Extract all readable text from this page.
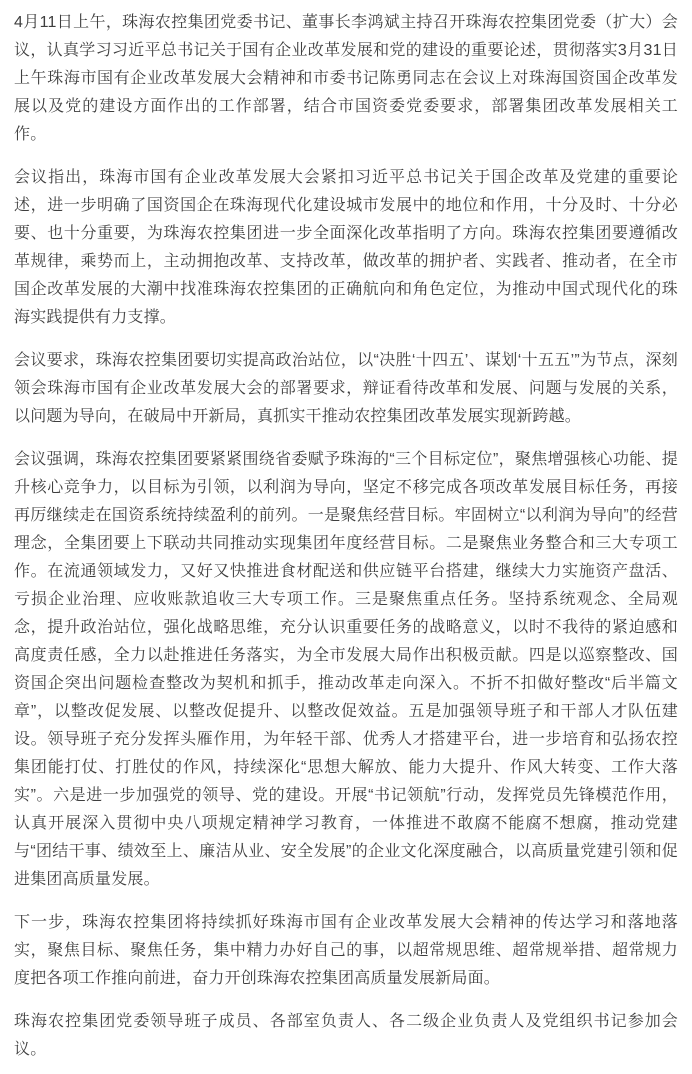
4月11日上午，珠海农控集团党委书记、董事长李鸿斌主持召开珠海农控集团党委（扩大）会议，认真学习习近平总书记关于国有企业改革发展和党的建设的重要论述，贯彻落实3月31日上午珠海市国有企业改革发展大会精神和市委书记陈勇同志在会议上对珠海国资国企改革发展以及党的建设方面作出的工作部署，结合市国资委党委要求，部署集团改革发展相关工作。

会议指出，珠海市国有企业改革发展大会紧扣习近平总书记关于国企改革及党建的重要论述，进一步明确了国资国企在珠海现代化建设城市发展中的地位和作用，十分及时、十分必要、也十分重要，为珠海农控集团进一步全面深化改革指明了方向。珠海农控集团要遵循改革规律，乘势而上，主动拥抱改革、支持改革，做改革的拥护者、实践者、推动者，在全市国企改革发展的大潮中找准珠海农控集团的正确航向和角色定位，为推动中国式现代化的珠海实践提供有力支撑。

会议要求，珠海农控集团要切实提高政治站位，以“决胜‘十四五’、谋划‘十五五’”为节点，深刻领会珠海市国有企业改革发展大会的部署要求，辩证看待改革和发展、问题与发展的关系，以问题为导向，在破局中开新局，真抓实干推动农控集团改革发展实现新跨越。

会议强调，珠海农控集团要紧紧围绕省委赋予珠海的“三个目标定位”，聚焦增强核心功能、提升核心竞争力，以目标为引领，以利润为导向，坚定不移完成各项改革发展目标任务，再接再厉继续走在国资系统持续盈利的前列。一是聚焦经营目标。牢固树立“以利润为导向”的经营理念，全集团要上下联动共同推动实现集团年度经营目标。二是聚焦业务整合和三大专项工作。在流通领域发力，又好又快推进食材配送和供应链平台搭建，继续大力实施资产盘活、亏损企业治理、应收账款追收三大专项工作。三是聚焦重点任务。坚持系统观念、全局观念，提升政治站位，强化战略思维，充分认识重要任务的战略意义，以时不我待的紧迫感和高度责任感，全力以赴推进任务落实，为全市发展大局作出积极贡献。四是以巡察整改、国资国企突出问题检查整改为契机和抓手，推动改革走向深入。不折不扣做好整改“后半篇文章”，以整改促发展、以整改促提升、以整改促效益。五是加强领导班子和干部人才队伍建设。领导班子充分发挥头雁作用，为年轻干部、优秀人才搭建平台，进一步培育和弘扬农控集团能打仗、打胜仗的作风，持续深化“思想大解放、能力大提升、作风大转变、工作大落实”。六是进一步加强党的领导、党的建设。开展“书记领航”行动，发挥党员先锋模范作用，认真开展深入贯彻中央八项规定精神学习教育，一体推进不敢腐不能腐不想腐，推动党建与“团结干事、绩效至上、廉洁从业、安全发展”的企业文化深度融合，以高质量党建引领和促进集团高质量发展。

下一步，珠海农控集团将持续抓好珠海市国有企业改革发展大会精神的传达学习和落地落实，聚焦目标、聚焦任务，集中精力办好自己的事，以超常规思维、超常规举措、超常规力度把各项工作推向前进，奋力开创珠海农控集团高质量发展新局面。

珠海农控集团党委领导班子成员、各部室负责人、各二级企业负责人及党组织书记参加会议。
